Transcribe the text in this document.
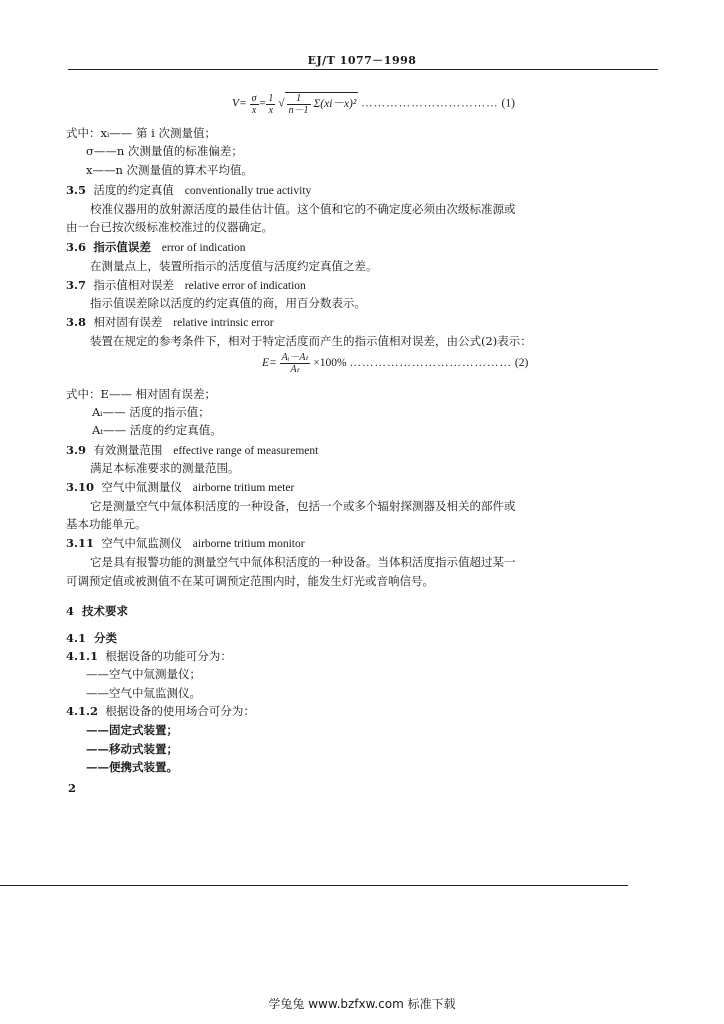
EJ/T 1077－1998
$V= \frac{\sigma}{x} = \frac{1}{x}$ √ $\frac{1}{n-1} \Sigma(xi-x)^2$ …………………………… (1)
式中：xᵢ—— 第 i 次测量值；
σ——n 次测量值的标准偏差；
x——n 次测量值的算术平均值。
3.5 活度的约定真值 conventionally true activity
校准仪器用的放射源活度的最佳估计值。这个值和它的不确定度必须由次级标准源或
由一台已按次级标准校准过的仪器确定。
3.6 指示值误差 error of indication
在测量点上，装置所指示的活度值与活度约定真值之差。
3.7 指示值相对误差 relative error of indication
指示值误差除以活度的约定真值的商，用百分数表示。
3.8 相对固有误差 relative intrinsic error
装置在规定的参考条件下，相对于特定活度而产生的指示值相对误差，由公式(2)表示：
$E= \frac{\text{Aᵢ－Aₜ}}{\text{Aₜ}} \times 100\%$ ………………………………… (2)
式中：E—— 相对固有误差；
Aᵢ—— 活度的指示值；
Aₜ—— 活度的约定真值。
3.9 有效测量范围 effective range of measurement
满足本标准要求的测量范围。
3.10 空气中氚测量仪 airborne tritium meter
它是测量空气中氚体积活度的一种设备，包括一个或多个辐射探测器及相关的部件或
基本功能单元。
3.11 空气中氚监测仪 airborne tritium monitor
它是具有报警功能的测量空气中氚体积活度的一种设备。当体积活度指示值超过某一
可调预定值或被测值不在某可调预定范围内时，能发生灯光或音响信号。
4 技术要求
4.1 分类
4.1.1 根据设备的功能可分为：
——空气中氚测量仪；
——空气中氚监测仪。
4.1.2 根据设备的使用场合可分为：
——固定式装置；
——移动式装置；
——便携式装置。
2
学兔兔 www.bzfxw.com 标准下载
